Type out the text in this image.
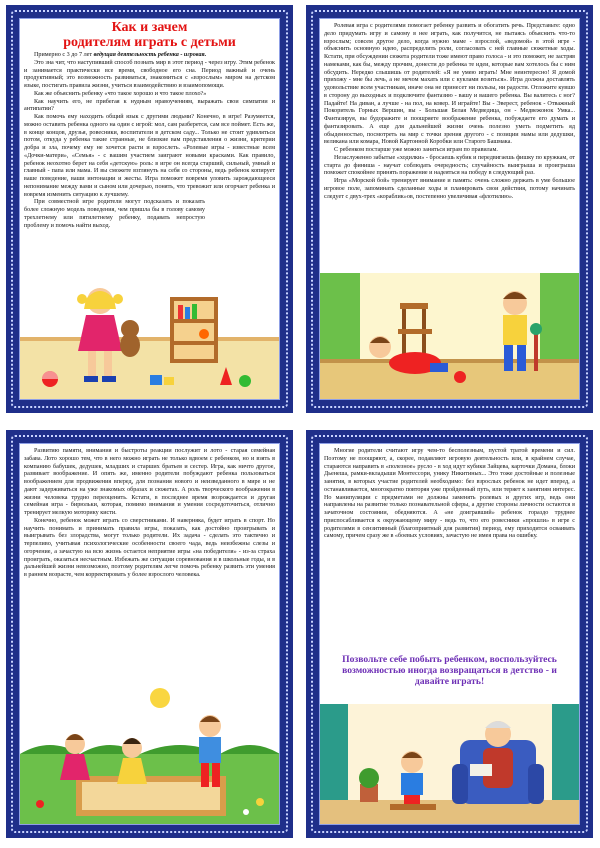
Как и зачем
родителям играть с детьми

Примерно с 3 до 7 лет ведущая деятельность ребенка - игровая.

Это зна чит, что наступивший способ познать мир в этот период - через игру. Этим ребенок и занимается практически все время, свободное его сна. Период важный и очень продуктивный; это возможность развиваться, знакомиться с «взрослым» миром на детском языке, постигать правила жизни, учиться взаимодействию и взаимопомощи.

Как же объяснить ребенку «что такое хорошо и что такое плохо?»

Как научить его, не прибегая к нудным нравоучениям, выражать свои симпатии и антипатии?

Как помочь ему находить общий язык с другими людьми? Конечно, в игре! Разумеется, можно оставить ребенка одного на один с игрой: мол, сам разберется, сам все поймет. Есть же, в конце концов, друзья, ровесники, воспитатели в детском саду... Только не стоит удивляться потом, откуда у ребенка такие странные, не близкие вам представления о жизни, критерии добра и зла, почему ему не хочется расти и взрослеть. «Ролевые игры - известные всем «Дочки-матери», «Семья» - с вашим участием заиграют новыми красками. Как правило, ребенок неохотно берет на себя «детскую» роль: в игре он всегда старший, сильный, умный и главный - папа или мама. И вы сможете взглянуть на себя со стороны, ведь ребенок копирует ваше поведение, ваши интонации и жесты. Игра поможет вовремя уловить зарождающееся непонимание между вами и сыном или дочерью, понять, что тревожит или огорчает ребенка и вовремя изменить ситуацию к лучшему.

При совместной игре родители могут подсказать и показать более сложную модель поведения, чем пришла бы в голову самому трехлетнему или пятилетнему ребенку, подавать непростую проблему и помочь найти выход.

Ролевая игра с родителями помогает ребенку развить и обогатить речь. Представьте: одно дело придумать игру и самому в нее играть, как получится, не пытаясь объяснить что-то взрослым; совсем другое дело, когда нужно маме - взрослой, «ведомой» в этой игре - объяснить основную идею, распределить роли, согласовать с ней главные сюжетные ходы. Кстати, при обсуждении сюжета родители тоже имеют право голоса - и это поможет, не застряв намеками, как бы, между прочим, донести до ребенка те идеи, которые вам хотелось бы с ним обсудить. Нередко слышишь от родителей: «Я не умею играть! Мне неинтересно! Я домой прихожу - мне бы лечь, а не мечом махать или с куклами возиться». Игра должна доставлять удовольствие всем участникам, иначе она не принесет ни пользы, ни радости. Отложите кувшо в сторону до выходных и подключите фантазию - вашу и вашего ребенка. Вы валитесь с ног? Падайте! На диван, а лучше - на пол, на ковер. И играйте! Вы - Эверест, ребенок - Отважный Покоритель Горных Вершин, вы - Большая Белая Медведица, он - Медвежонок Умка... Фантазируя, вы будоражите и поощряете воображение ребенка, побуждаете его думать и фантазировать. А еще для дальнейшей жизни очень полезно уметь подметить яд обыденностью, посмотреть на мир с точки зрения другого - с позиции мамы или дедушки, великана или комара, Новой Картонной Коробки или Старого Башмака.

С ребенком постарше уже можно заняться играм по правилам.

Незаслуженно забытые «ходилки» - бросаешь кубик и передвигаешь фишку по кружкам, от старта до финиша - научат соблюдать очередность; случайность выигрыша и проигрыша поможет спокойнее принять поражение и надеяться на победу в следующий раз.

Игра «Морской бой» тренирует внимание и память: очень сложно держать в уме большое игровое поле, запоминать сделанные ходы и планировать свои действия, потому начинать следует с двух-трех «кораблик»ов, постепенно увеличивая «флотилию».

Развитию памяти, внимания и быстроты реакции послужит и лото - старая семейная забава. Лото хорошо тем, что в него можно играть не только вдвоем с ребенком, но и взять в компанию бабушек, дедушек, младших и старших братьев и сестер. Игра, как ничто другое, развивает воображение. И опять же, именно родители побуждают ребенка пользоваться воображением для продвижения вперед, для познания нового и неизведанного в мире и не дают задерживаться на уже знакомых образах и сюжетах. А роль творческого воображения в жизни человека трудно переоценить. Кстати, в последнее время возрождается и другая семейная игра - бирюльки, которая, помимо внимания и умения сосредоточиться, отлично тренирует мелкую моторику кисти.

Конечно, ребенок может играть со сверстниками. И наверняка, будет играть в спорт. Но научить понимать и принимать правила игры, показать, как достойно проигрывать и выигрывать без злорадства, могут только родители. Их задача - сделать это тактично и терпеливо, учитывая психологические особенности своего чада, ведь неизбежны слезы и огорчение, а зачастую на всю жизнь остается неприятие игры «на победителя» - из-за страха проиграть, оказаться несчастным. Избежать же ситуации соревнования и в школьные годы, и в дальнейшей жизни невозможно, поэтому родителям легче помочь ребенку развить эти умения в раннем возрасте, чем корректировать у более взрослого человека.

Многие родители считают игру чем-то бесполезным, пустой тратой времени и сил. Поэтому не поощряют, а, скорее, подавляют игровую деятельность или, в крайнем случае, стараются направить в «полезное» русло - в ход идут кубики Зайцева, карточки Домана, блоки Дьенеша, рамки-вкладыши Монтессори, унику Никитиных... Это тоже достойные и полезные занятия, в которых участие родителей необходимо: без взрослых ребенок не идет вперед, а останавливается, многократно повторяя уже пройденный путь, или теряет к занятиям интерес. Но манипуляции с предметами не должны заменять ролевых и других игр, ведь они направлены на развитие только познавательной сферы, а другие стороны личности остаются в зачаточном состоянии, обедняются. А «не доигравший» ребенок гораздо труднее приспосабливается к окружающему миру - ведь то, что его ровесники «прошли» в игре с родителями в сензитивный (благоприятный для развития) период, ему приходится осваивать самому, причем сразу же в «боевых условиях, зачастую не имея права на ошибку.

Позвольте себе побыть ребенком, воспользуйтесь возможностью иногда возвращаться в детство - и давайте играть!
